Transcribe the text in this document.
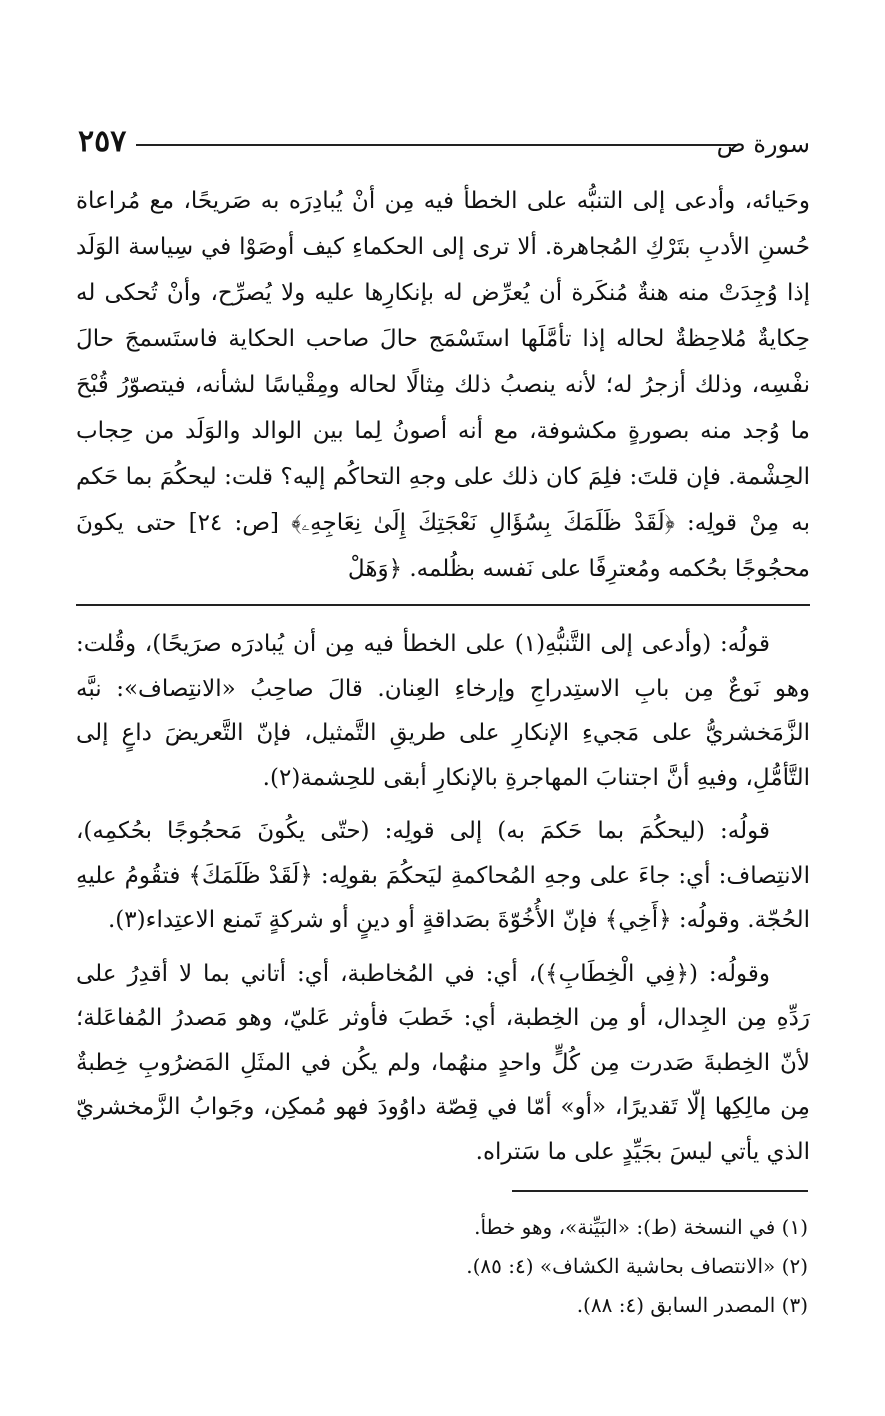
٢٥٧	سورة ص

وحَيائه، وأدعى إلى التنبُّه على الخطأ فيه مِن أنْ يُبادِرَه به صَريحًا، مع مُراعاة حُسنِ الأدبِ بتَرْكِ المُجاهرة. ألا ترى إلى الحكماءِ كيف أوصَوْا في سِياسة الوَلَد إذا وُجِدَتْ منه هنةٌ مُنكَرة أن يُعرِّض له بإنكارِها عليه ولا يُصرِّح، وأنْ تُحكى له حِكايةٌ مُلاحِظةٌ لحاله إذا تأمَّلَها استَسْمَج حالَ صاحب الحكاية فاستَسمجَ حالَ نفْسِه، وذلك أزجرُ له؛ لأنه ينصبُ ذلك مِثالًا لحاله ومِقْياسًا لشأنه، فيتصوّرُ قُبْحَ ما وُجد منه بصورةٍ مكشوفة، مع أنه أصونُ لِما بين الوالد والوَلَد من حِجاب الحِشْمة. فإن قلتَ: فلِمَ كان ذلك على وجهِ التحاكُم إليه؟ قلت: ليحكُمَ بما حَكم به مِنْ قولِه: ﴿لَقَدْ ظَلَمَكَ بِسُؤَالِ نَعْجَتِكَ إِلَىٰ نِعَاجِهِۦ﴾ [ص: ٢٤] حتى يكونَ محجُوجًا بحُكمه ومُعترِفًا على نَفسه بظُلمه. ﴿وَهَلْ

قولُه: (وأدعى إلى التَّنبُّهِ(١) على الخطأ فيه مِن أن يُبادرَه صرَيحًا)، وقُلت: وهو نَوعٌ مِن بابِ الاستِدراجِ وإرخاءِ العِنان. قالَ صاحِبُ «الانتِصاف»: نبَّه الزَّمَخشريُّ على مَجيءِ الإنكارِ على طريقِ التَّمثيل، فإنّ التَّعريضَ داعٍ إلى التَّأمُّلِ، وفيهِ أنَّ اجتنابَ المهاجرةِ بالإنكارِ أبقى للحِشمة(٢).

قولُه: (ليحكُمَ بما حَكمَ به) إلى قولِه: (حتّى يكُونَ مَحجُوجًا بحُكمِه)، الانتِصاف: أي: جاءَ على وجهِ المُحاكمةِ ليَحكُمَ بقولِه: ﴿لَقَدْ ظَلَمَكَ﴾ فتقُومُ عليهِ الحُجّة. وقولُه: ﴿أَخِي﴾ فإنّ الأُخُوّةَ بصَداقةٍ أو دينٍ أو شركةٍ تَمنع الاعتِداء(٣).

وقولُه: (﴿فِي الْخِطَابِ﴾)، أي: في المُخاطبة، أي: أتاني بما لا أقدِرُ على رَدِّهِ مِن الجِدال، أو مِن الخِطبة، أي: خَطبَ فأوثر عَليّ، وهو مَصدرُ المُفاعَلة؛ لأنّ الخِطبةَ صَدرت مِن كُلٍّ واحدٍ منهُما، ولم يكُن في المثَلِ المَضرُوبِ خِطبةٌ مِن مالِكِها إلّا تَقديرًا، «أو» أمّا في قِصّة داوُودَ فهو مُمكِن، وجَوابُ الزَّمخشريّ الذي يأتي ليسَ بجَيِّدٍ على ما سَتراه.

(١) في النسخة (ط): «البَيِّنة»، وهو خطأ.
(٢) «الانتصاف بحاشية الكشاف» (٤: ٨٥).
(٣) المصدر السابق (٤: ٨٨).
